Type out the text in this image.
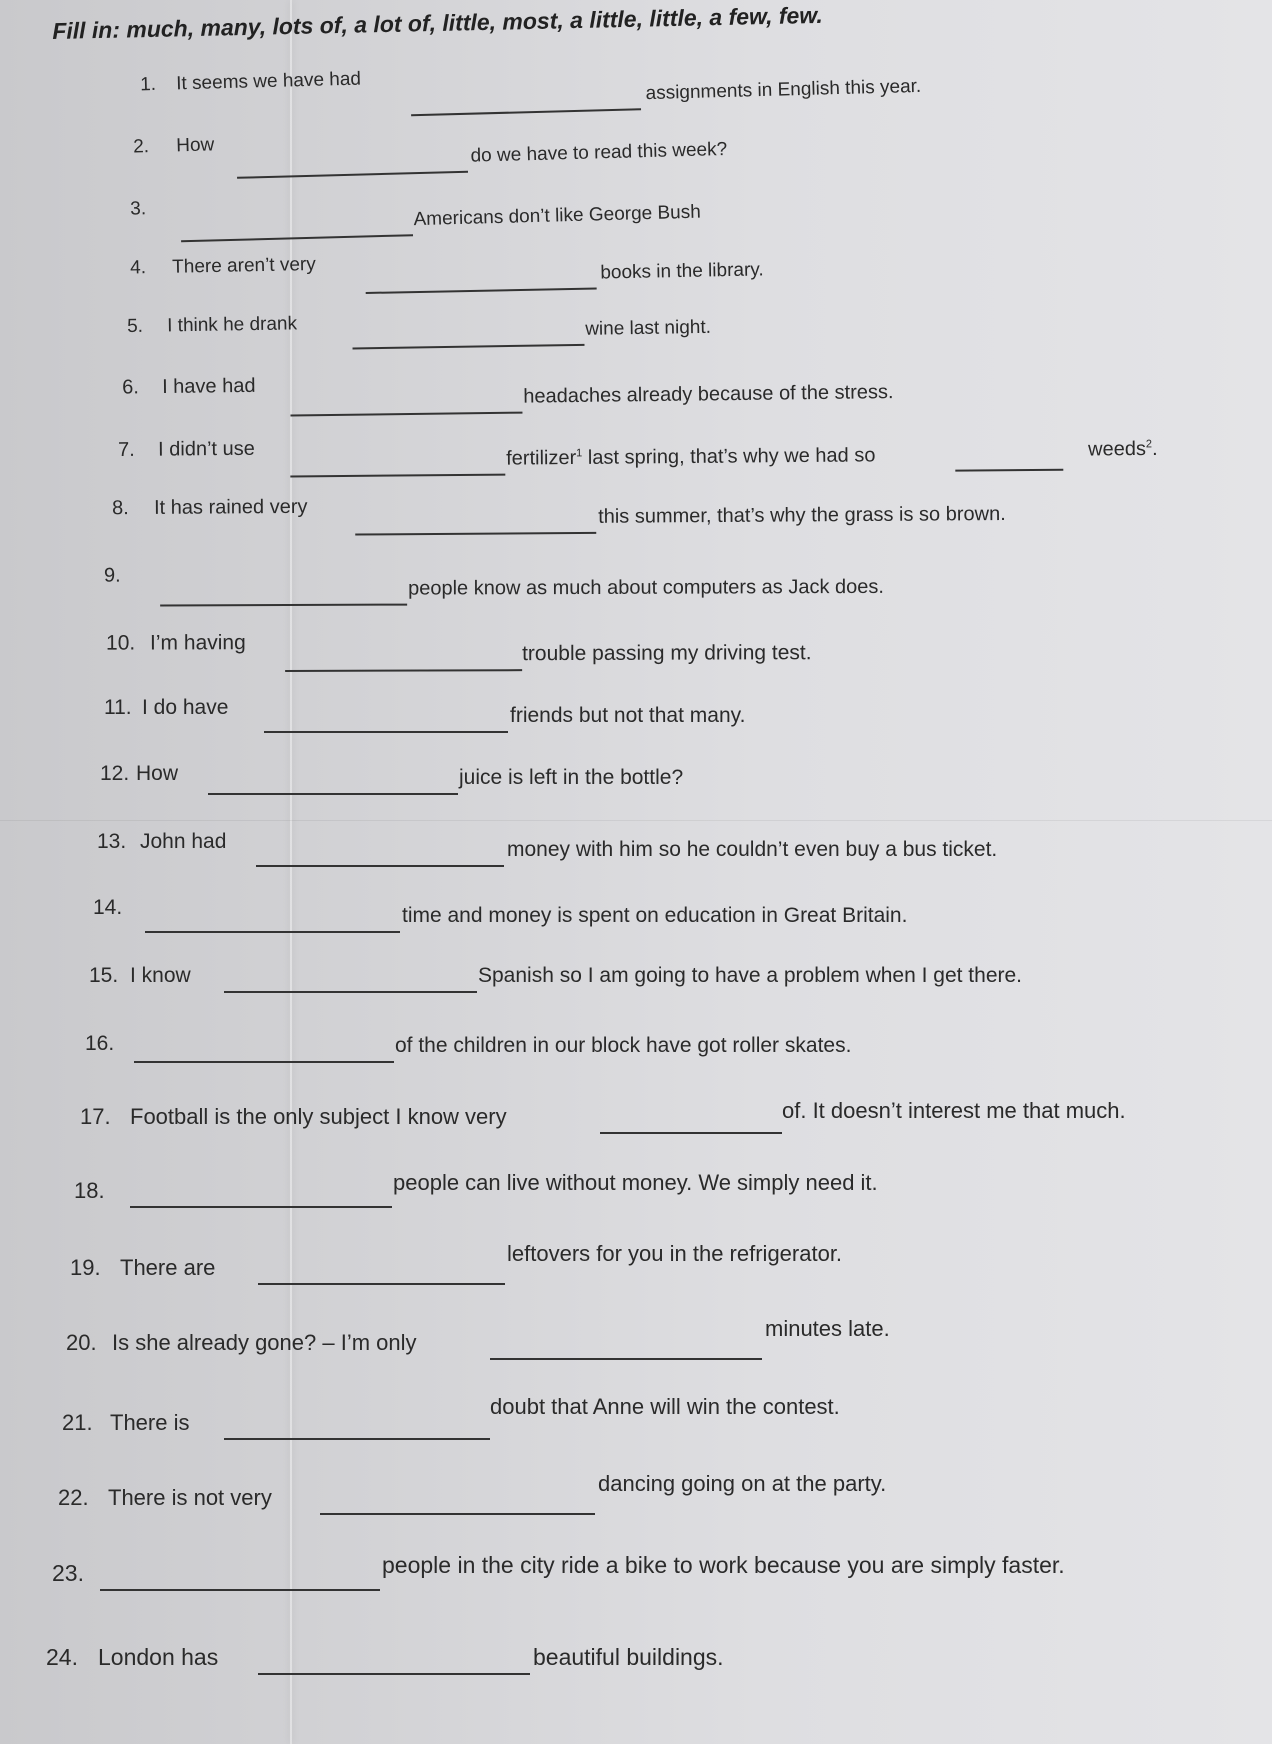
Fill in: much, many, lots of, a lot of, little, most, a little, little, a few, few.
1. It seems we have had	assignments in English this year.
2. How	do we have to read this week?
3.	Americans don’t like George Bush
4. There aren’t very	books in the library.
5. I think he drank	wine last night.
6. I have had	headaches already because of the stress.
7. I didn’t use	fertilizer$^1$ last spring, that’s why we had so	weeds$^2$.
8. It has rained very	this summer, that’s why the grass is so brown.
9.
people know as much about computers as Jack does.
10. I’m having	trouble passing my driving test.
11. I do have	friends but not that many.
12. How	juice is left in the bottle?
13. John had	money with him so he couldn’t even buy a bus ticket.
14.	time and money is spent on education in Great Britain.
15. I know	Spanish so I am going to have a problem when I get there.
16.	of the children in our block have got roller skates.
17. Football is the only subject I know very	of. It doesn’t interest me that much.
18.	people can live without money. We simply need it.
19. There are
leftovers for you in the refrigerator.
20. Is she already gone? – I’m only
minutes late.
21. There is
doubt that Anne will win the contest.
22. There is not very
dancing going on at the party.
23.	people in the city ride a bike to work because you are simply faster.
24. London has	beautiful buildings.
